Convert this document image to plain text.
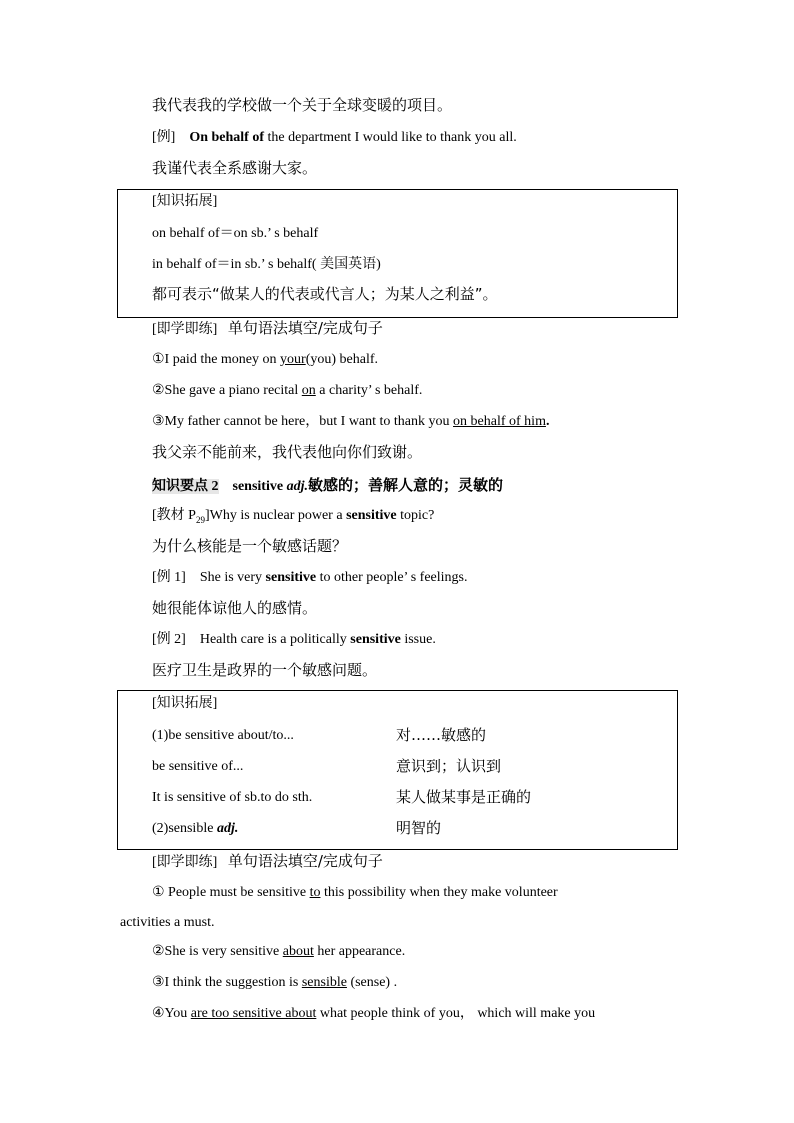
我代表我的学校做一个关于全球变暖的项目。
[例] On behalf of the department I would like to thank you all.
我谨代表全系感谢大家。
[知识拓展]
on behalf of＝on sb.’ s behalf
in behalf of＝in sb.’ s behalf( 美国英语)
都可表示“做某人的代表或代言人；为某人之利益”。
[即学即练] 单句语法填空/完成句子
①I paid the money on your(you) behalf.
②She gave a piano recital on a charity’ s behalf.
③My father cannot be here，but I want to thank you on behalf of him.
我父亲不能前来，我代表他向你们致谢。
知识要点 2 sensitive adj.敏感的；善解人意的；灵敏的
[教材 $P_{29}]Why$ is nuclear power a sensitive topic?
为什么核能是一个敏感话题？
[例 1] She is very sensitive to other people’ s feelings.
她很能体谅他人的感情。
[例 2] Health care is a politically sensitive issue.
医疗卫生是政界的一个敏感问题。
[知识拓展]
(1)be sensitive about/to...	对……敏感的
be sensitive of...	意识到；认识到
It is sensitive of sb.to do sth.	某人做某事是正确的
(2)sensible adj.	明智的
[即学即练] 单句语法填空/完成句子
① People must be sensitive to this possibility when they make volunteer
activities a must.
②She is very sensitive about her appearance.
③I think the suggestion is sensible (sense) .
④You are too sensitive about what people think of you， which will make you
